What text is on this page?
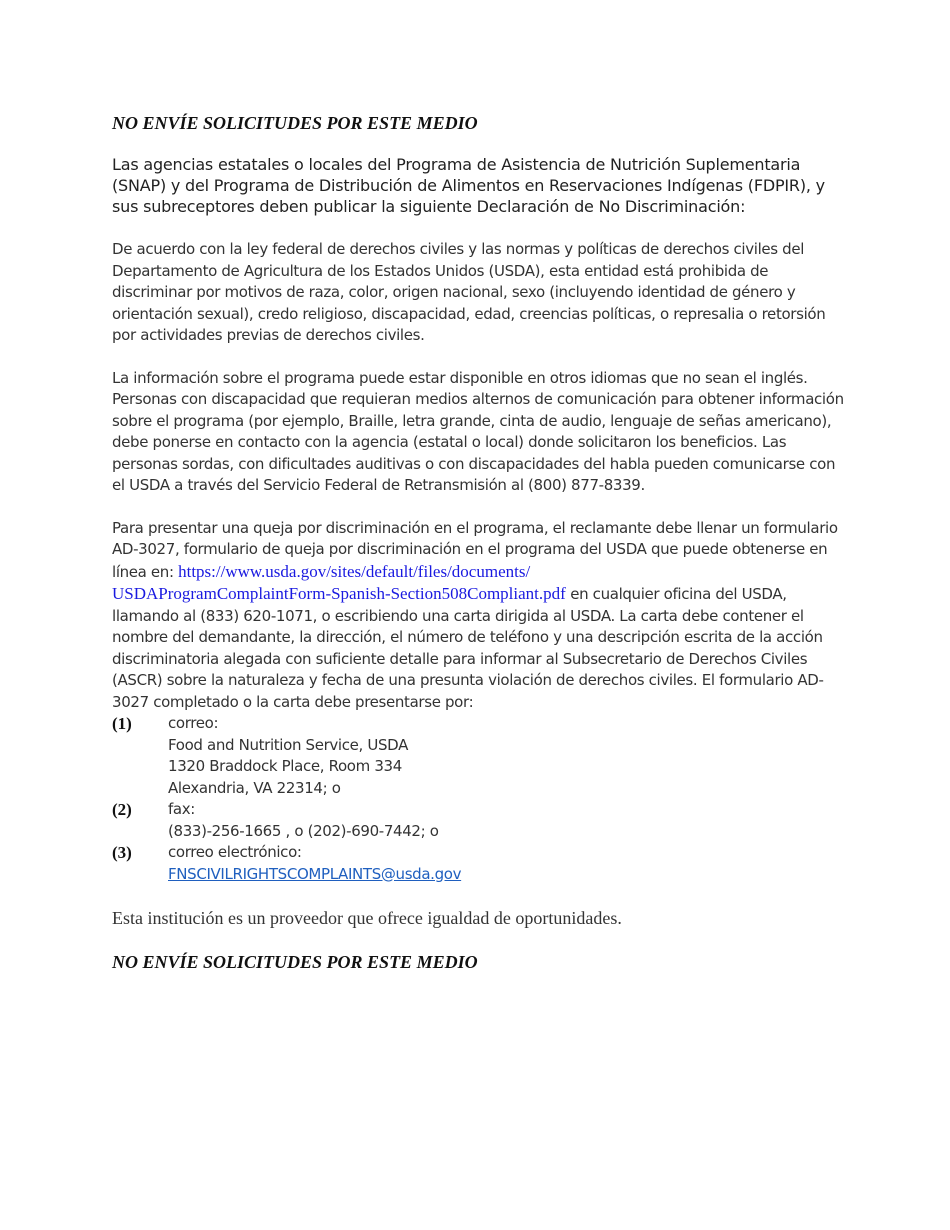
NO ENVÍE SOLICITUDES POR ESTE MEDIO

Las agencias estatales o locales del Programa de Asistencia de Nutrición Suplementaria (SNAP) y del Programa de Distribución de Alimentos en Reservaciones Indígenas (FDPIR), y sus subreceptores deben publicar la siguiente Declaración de No Discriminación:

De acuerdo con la ley federal de derechos civiles y las normas y políticas de derechos civiles del Departamento de Agricultura de los Estados Unidos (USDA), esta entidad está prohibida de discriminar por motivos de raza, color, origen nacional, sexo (incluyendo identidad de género y orientación sexual), credo religioso, discapacidad, edad, creencias políticas, o represalia o retorsión por actividades previas de derechos civiles.

La información sobre el programa puede estar disponible en otros idiomas que no sean el inglés. Personas con discapacidad que requieran medios alternos de comunicación para obtener información sobre el programa (por ejemplo, Braille, letra grande, cinta de audio, lenguaje de señas americano), debe ponerse en contacto con la agencia (estatal o local) donde solicitaron los beneficios. Las personas sordas, con dificultades auditivas o con discapacidades del habla pueden comunicarse con el USDA a través del Servicio Federal de Retransmisión al (800) 877-8339.

Para presentar una queja por discriminación en el programa, el reclamante debe llenar un formulario AD-3027, formulario de queja por discriminación en el programa del USDA que puede obtenerse en línea en: https://www.usda.gov/sites/default/files/documents/
USDAProgramComplaintForm-Spanish-Section508Compliant.pdf en cualquier oficina del USDA, llamando al (833) 620-1071, o escribiendo una carta dirigida al USDA. La carta debe contener el nombre del demandante, la dirección, el número de teléfono y una descripción escrita de la acción discriminatoria alegada con suficiente detalle para informar al Subsecretario de Derechos Civiles (ASCR) sobre la naturaleza y fecha de una presunta violación de derechos civiles. El formulario AD-3027 completado o la carta debe presentarse por:

(1)	correo:
Food and Nutrition Service, USDA
1320 Braddock Place, Room 334
Alexandria, VA 22314; o
(2)	fax:
(833)-256-1665 , o (202)-690-7442; o
(3)	correo electrónico:
FNSCIVILRIGHTSCOMPLAINTS@usda.gov

Esta institución es un proveedor que ofrece igualdad de oportunidades.

NO ENVÍE SOLICITUDES POR ESTE MEDIO
